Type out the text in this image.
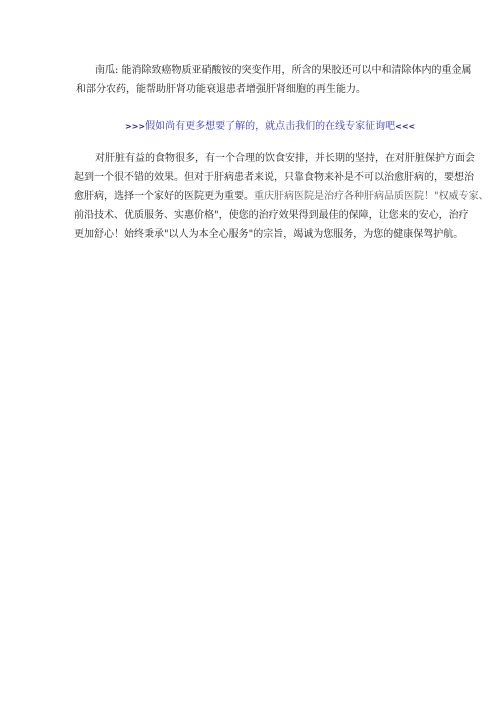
南瓜: 能消除致癌物质亚硝酸铵的突变作用，所含的果胶还可以中和清除体内的重金属
和部分农药，能帮助肝肾功能衰退患者增强肝肾细胞的再生能力。

>>>假如尚有更多想要了解的，就点击我们的在线专家征询吧<<<

对肝脏有益的食物很多，有一个合理的饮食安排，并长期的坚持，在对肝脏保护方面会
起到一个很不错的效果。但对于肝病患者来说，只靠食物来补是不可以治愈肝病的，要想治
愈肝病，选择一个家好的医院更为重要。重庆肝病医院是治疗各种肝病品质医院！"权威专家、
前沿技术、优质服务、实惠价格"，使您的治疗效果得到最佳的保障，让您来的安心，治疗
更加舒心！始终秉承"以人为本全心服务"的宗旨，竭诚为您服务，为您的健康保驾护航。
